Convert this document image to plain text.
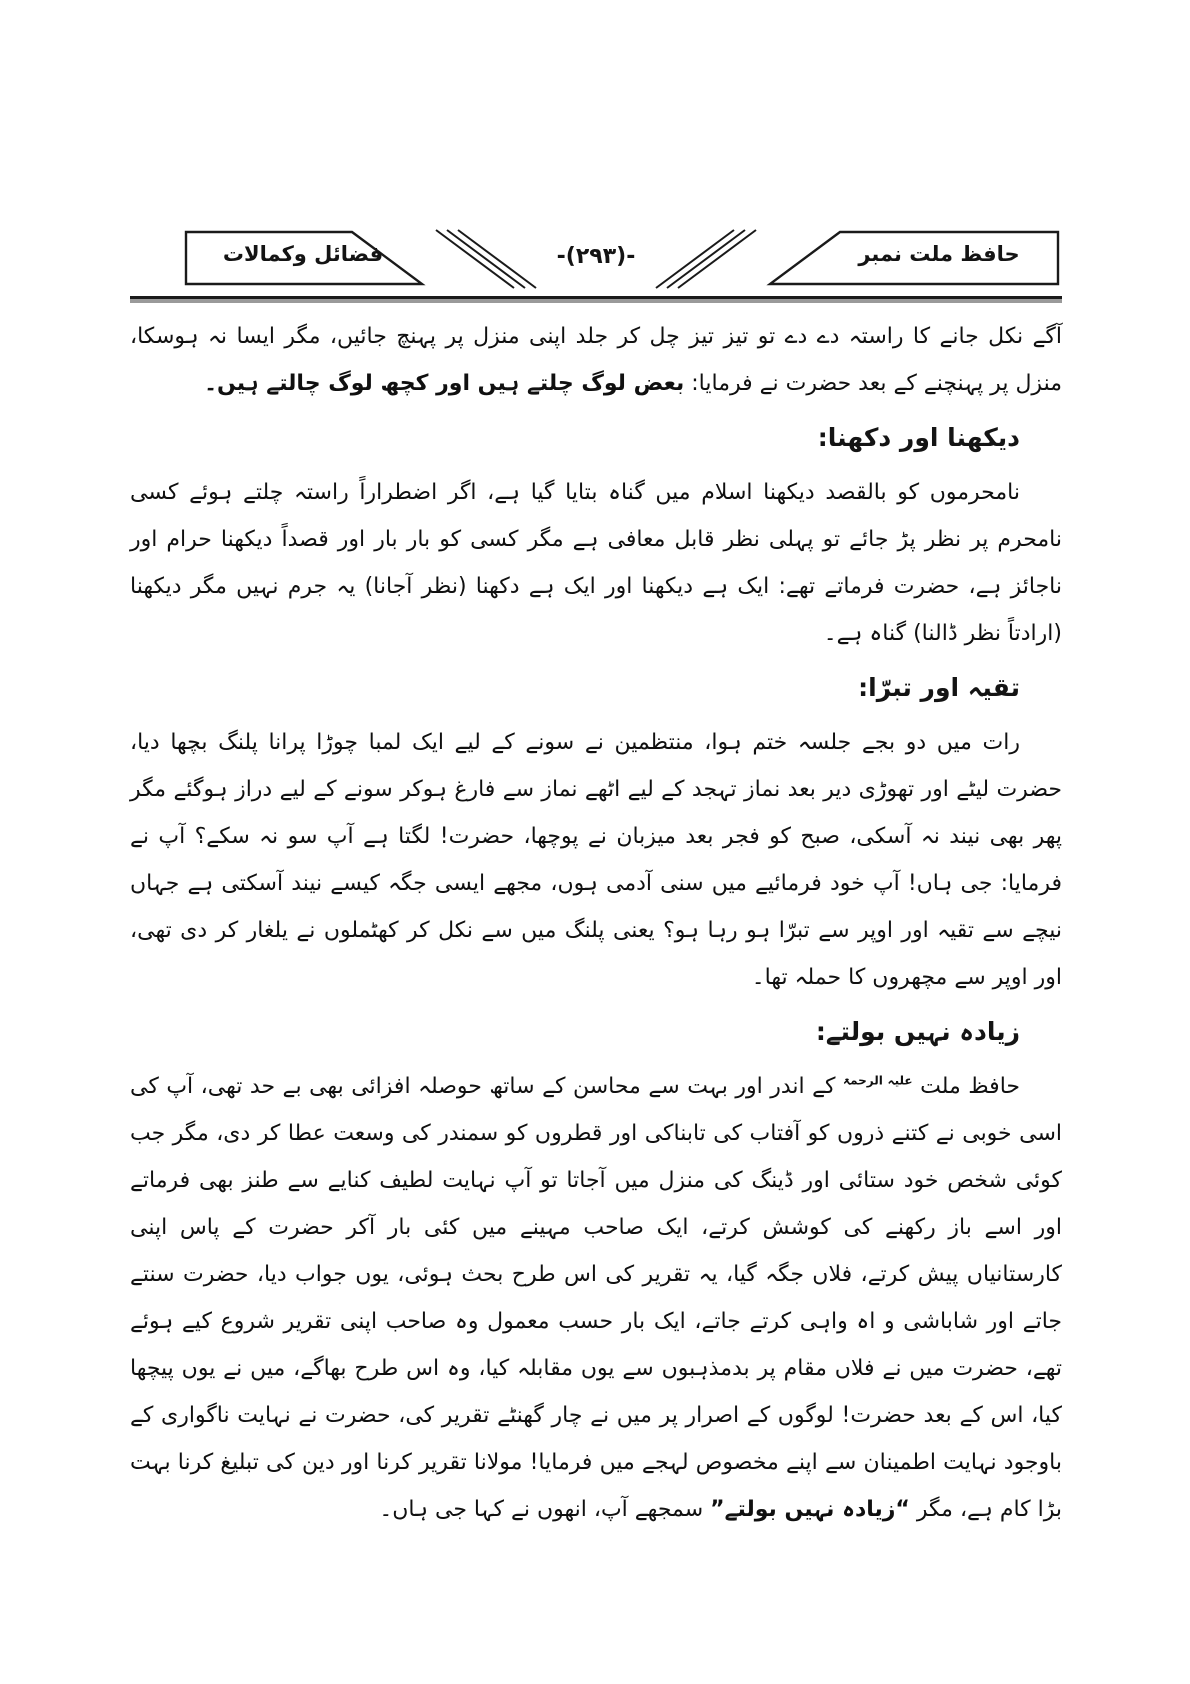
فضائل وکمالات	-(۲۹۳)-	حافظ ملت نمبر

آگے نکل جانے کا راستہ دے دے تو تیز تیز چل کر جلد اپنی منزل پر پہنچ جائیں، مگر ایسا نہ ہوسکا، منزل پر پہنچنے کے بعد حضرت نے فرمایا: بعض لوگ چلتے ہیں اور کچھ لوگ چالتے ہیں۔

دیکھنا اور دکھنا:

نامحرموں کو بالقصد دیکھنا اسلام میں گناہ بتایا گیا ہے، اگر اضطراراً راستہ چلتے ہوئے کسی نامحرم پر نظر پڑ جائے تو پہلی نظر قابل معافی ہے مگر کسی کو بار بار اور قصداً دیکھنا حرام اور ناجائز ہے، حضرت فرماتے تھے: ایک ہے دیکھنا اور ایک ہے دکھنا (نظر آجانا) یہ جرم نہیں مگر دیکھنا (ارادتاً نظر ڈالنا) گناہ ہے۔

تقیہ اور تبرّا:

رات میں دو بجے جلسہ ختم ہوا، منتظمین نے سونے کے لیے ایک لمبا چوڑا پرانا پلنگ بچھا دیا، حضرت لیٹے اور تھوڑی دیر بعد نماز تہجد کے لیے اٹھے نماز سے فارغ ہوکر سونے کے لیے دراز ہوگئے مگر پھر بھی نیند نہ آسکی، صبح کو فجر بعد میزبان نے پوچھا، حضرت! لگتا ہے آپ سو نہ سکے؟ آپ نے فرمایا: جی ہاں! آپ خود فرمائیے میں سنی آدمی ہوں، مجھے ایسی جگہ کیسے نیند آسکتی ہے جہاں نیچے سے تقیہ اور اوپر سے تبرّا ہو رہا ہو؟ یعنی پلنگ میں سے نکل کر کھٹملوں نے یلغار کر دی تھی، اور اوپر سے مچھروں کا حملہ تھا۔

زیادہ نہیں بولتے:

حافظ ملت $^{علیہ الرحمۃ}$ کے اندر اور بہت سے محاسن کے ساتھ حوصلہ افزائی بھی بے حد تھی، آپ کی اسی خوبی نے کتنے ذروں کو آفتاب کی تابناکی اور قطروں کو سمندر کی وسعت عطا کر دی، مگر جب کوئی شخص خود ستائی اور ڈینگ کی منزل میں آجاتا تو آپ نہایت لطیف کنایے سے طنز بھی فرماتے اور اسے باز رکھنے کی کوشش کرتے، ایک صاحب مہینے میں کئی بار آکر حضرت کے پاس اپنی کارستانیاں پیش کرتے، فلاں جگہ گیا، یہ تقریر کی اس طرح بحث ہوئی، یوں جواب دیا، حضرت سنتے جاتے اور شاباشی و اہ واہی کرتے جاتے، ایک بار حسب معمول وہ صاحب اپنی تقریر شروع کیے ہوئے تھے، حضرت میں نے فلاں مقام پر بدمذہبوں سے یوں مقابلہ کیا، وہ اس طرح بھاگے، میں نے یوں پیچھا کیا، اس کے بعد حضرت! لوگوں کے اصرار پر میں نے چار گھنٹے تقریر کی، حضرت نے نہایت ناگواری کے باوجود نہایت اطمینان سے اپنے مخصوص لہجے میں فرمایا! مولانا تقریر کرنا اور دین کی تبلیغ کرنا بہت بڑا کام ہے، مگر “زیادہ نہیں بولتے” سمجھے آپ، انھوں نے کہا جی ہاں۔
